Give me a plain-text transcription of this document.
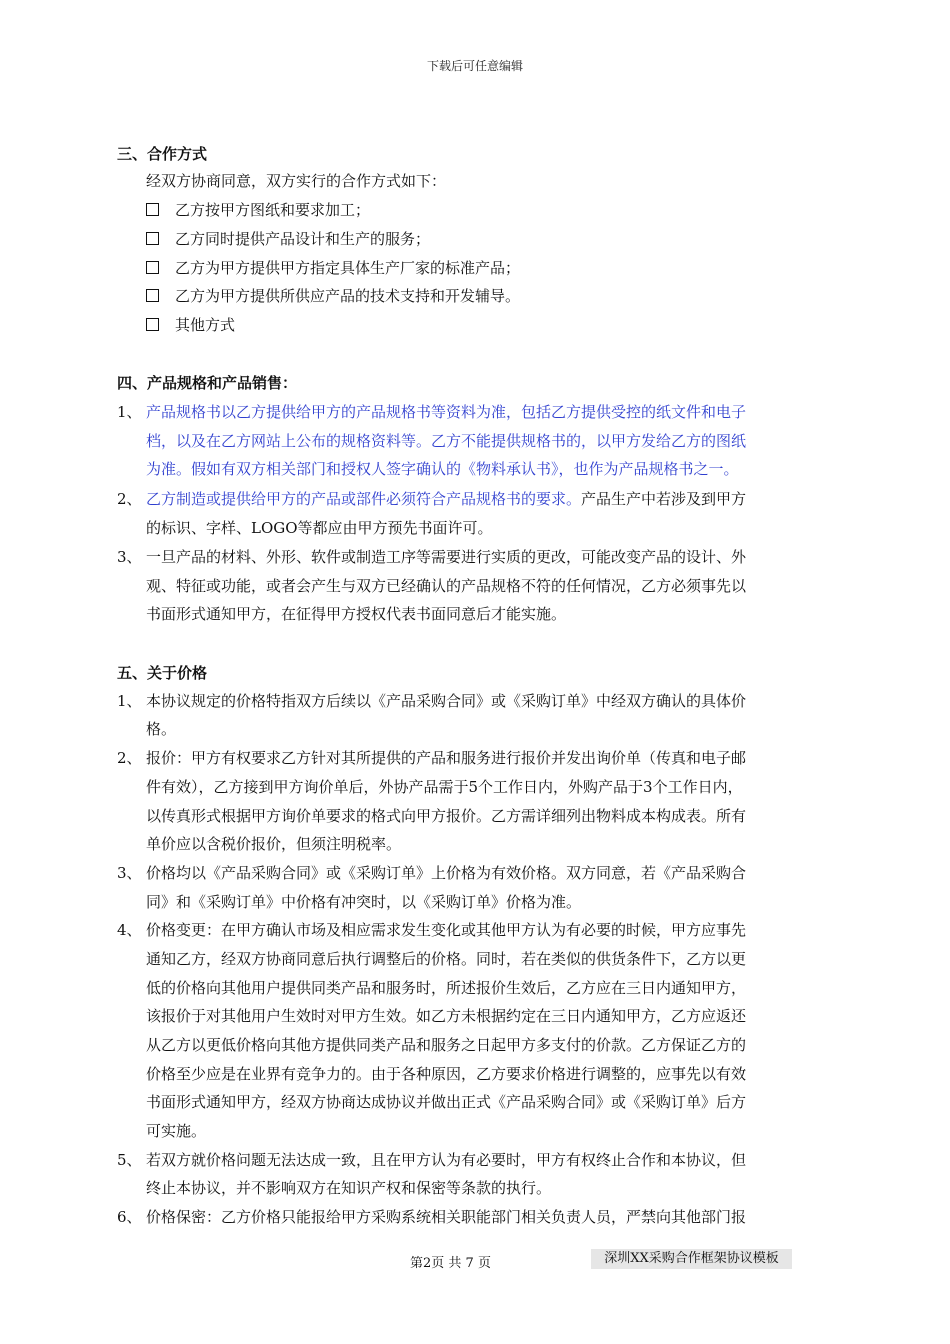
下载后可任意编辑
三、合作方式
经双方协商同意，双方实行的合作方式如下：
乙方按甲方图纸和要求加工；
乙方同时提供产品设计和生产的服务；
乙方为甲方提供甲方指定具体生产厂家的标准产品；
乙方为甲方提供所供应产品的技术支持和开发辅导。
其他方式
四、产品规格和产品销售：
1、 产品规格书以乙方提供给甲方的产品规格书等资料为准，包括乙方提供受控的纸文件和电子
档，以及在乙方网站上公布的规格资料等。乙方不能提供规格书的，以甲方发给乙方的图纸
为准。假如有双方相关部门和授权人签字确认的《物料承认书》，也作为产品规格书之一。
2、 乙方制造或提供给甲方的产品或部件必须符合产品规格书的要求。产品生产中若涉及到甲方
的标识、字样、LOGO等都应由甲方预先书面许可。
3、 一旦产品的材料、外形、软件或制造工序等需要进行实质的更改，可能改变产品的设计、外
观、特征或功能，或者会产生与双方已经确认的产品规格不符的任何情况，乙方必须事先以
书面形式通知甲方，在征得甲方授权代表书面同意后才能实施。
五、关于价格
1、 本协议规定的价格特指双方后续以《产品采购合同》或《采购订单》中经双方确认的具体价
格。
2、 报价：甲方有权要求乙方针对其所提供的产品和服务进行报价并发出询价单（传真和电子邮
件有效），乙方接到甲方询价单后，外协产品需于5个工作日内，外购产品于3个工作日内，
以传真形式根据甲方询价单要求的格式向甲方报价。乙方需详细列出物料成本构成表。所有
单价应以含税价报价，但须注明税率。
3、 价格均以《产品采购合同》或《采购订单》上价格为有效价格。双方同意，若《产品采购合
同》和《采购订单》中价格有冲突时，以《采购订单》价格为准。
4、 价格变更：在甲方确认市场及相应需求发生变化或其他甲方认为有必要的时候，甲方应事先
通知乙方，经双方协商同意后执行调整后的价格。同时，若在类似的供货条件下，乙方以更
低的价格向其他用户提供同类产品和服务时，所述报价生效后，乙方应在三日内通知甲方，
该报价于对其他用户生效时对甲方生效。如乙方未根据约定在三日内通知甲方，乙方应返还
从乙方以更低价格向其他方提供同类产品和服务之日起甲方多支付的价款。乙方保证乙方的
价格至少应是在业界有竞争力的。由于各种原因，乙方要求价格进行调整的，应事先以有效
书面形式通知甲方，经双方协商达成协议并做出正式《产品采购合同》或《采购订单》后方
可实施。
5、 若双方就价格问题无法达成一致，且在甲方认为有必要时，甲方有权终止合作和本协议，但
终止本协议，并不影响双方在知识产权和保密等条款的执行。
6、 价格保密：乙方价格只能报给甲方采购系统相关职能部门相关负责人员，严禁向其他部门报
第2页 共 7 页	深圳XX采购合作框架协议模板
